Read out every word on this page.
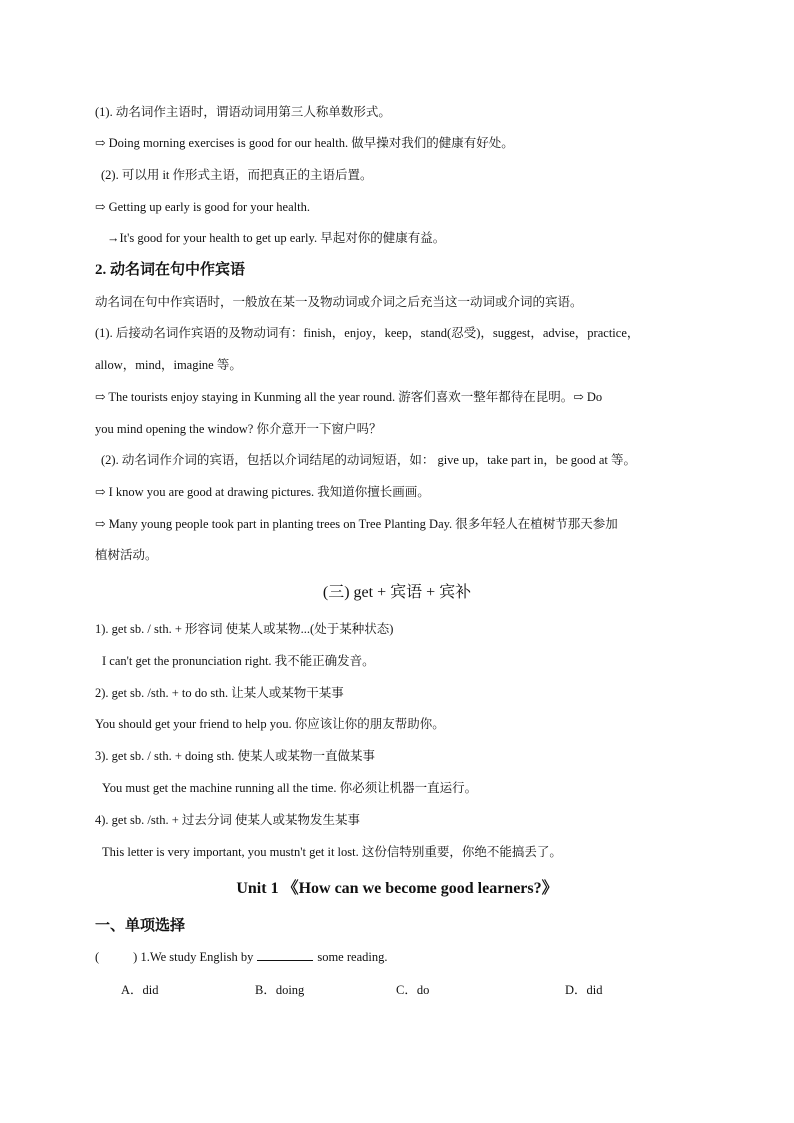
(1). 动名词作主语时，谓语动词用第三人称单数形式。
⇨ Doing morning exercises is good for our health. 做早操对我们的健康有好处。
(2). 可以用 it 作形式主语，而把真正的主语后置。
⇨ Getting up early is good for your health.
→It's good for your health to get up early. 早起对你的健康有益。
2. 动名词在句中作宾语
动名词在句中作宾语时，一般放在某一及物动词或介词之后充当这一动词或介词的宾语。
(1). 后接动名词作宾语的及物动词有：finish，enjoy，keep，stand(忍受)，suggest，advise，practice，
allow，mind，imagine 等。
⇨ The tourists enjoy staying in Kunming all the year round. 游客们喜欢一整年都待在昆明。⇨ Do
you mind opening the window? 你介意开一下窗户吗？
(2). 动名词作介词的宾语，包括以介词结尾的动词短语，如： give up，take part in，be good at 等。
⇨ I know you are good at drawing pictures. 我知道你擅长画画。
⇨ Many young people took part in planting trees on Tree Planting Day. 很多年轻人在植树节那天参加
植树活动。
(三) get + 宾语 + 宾补
1). get sb. / sth. + 形容词 使某人或某物...(处于某种状态)
I can't get the pronunciation right. 我不能正确发音。
2). get sb. /sth. + to do sth. 让某人或某物干某事
You should get your friend to help you. 你应该让你的朋友帮助你。
3). get sb. / sth. + doing sth. 使某人或某物一直做某事
You must get the machine running all the time. 你必须让机器一直运行。
4). get sb. /sth. + 过去分词 使某人或某物发生某事
This letter is very important, you mustn't get it lost. 这份信特别重要，你绝不能搞丢了。
Unit 1 《How can we become good learners?》
一、单项选择
(	) 1.We study English by	some reading.
A．did	B．doing	C．do	D．did
